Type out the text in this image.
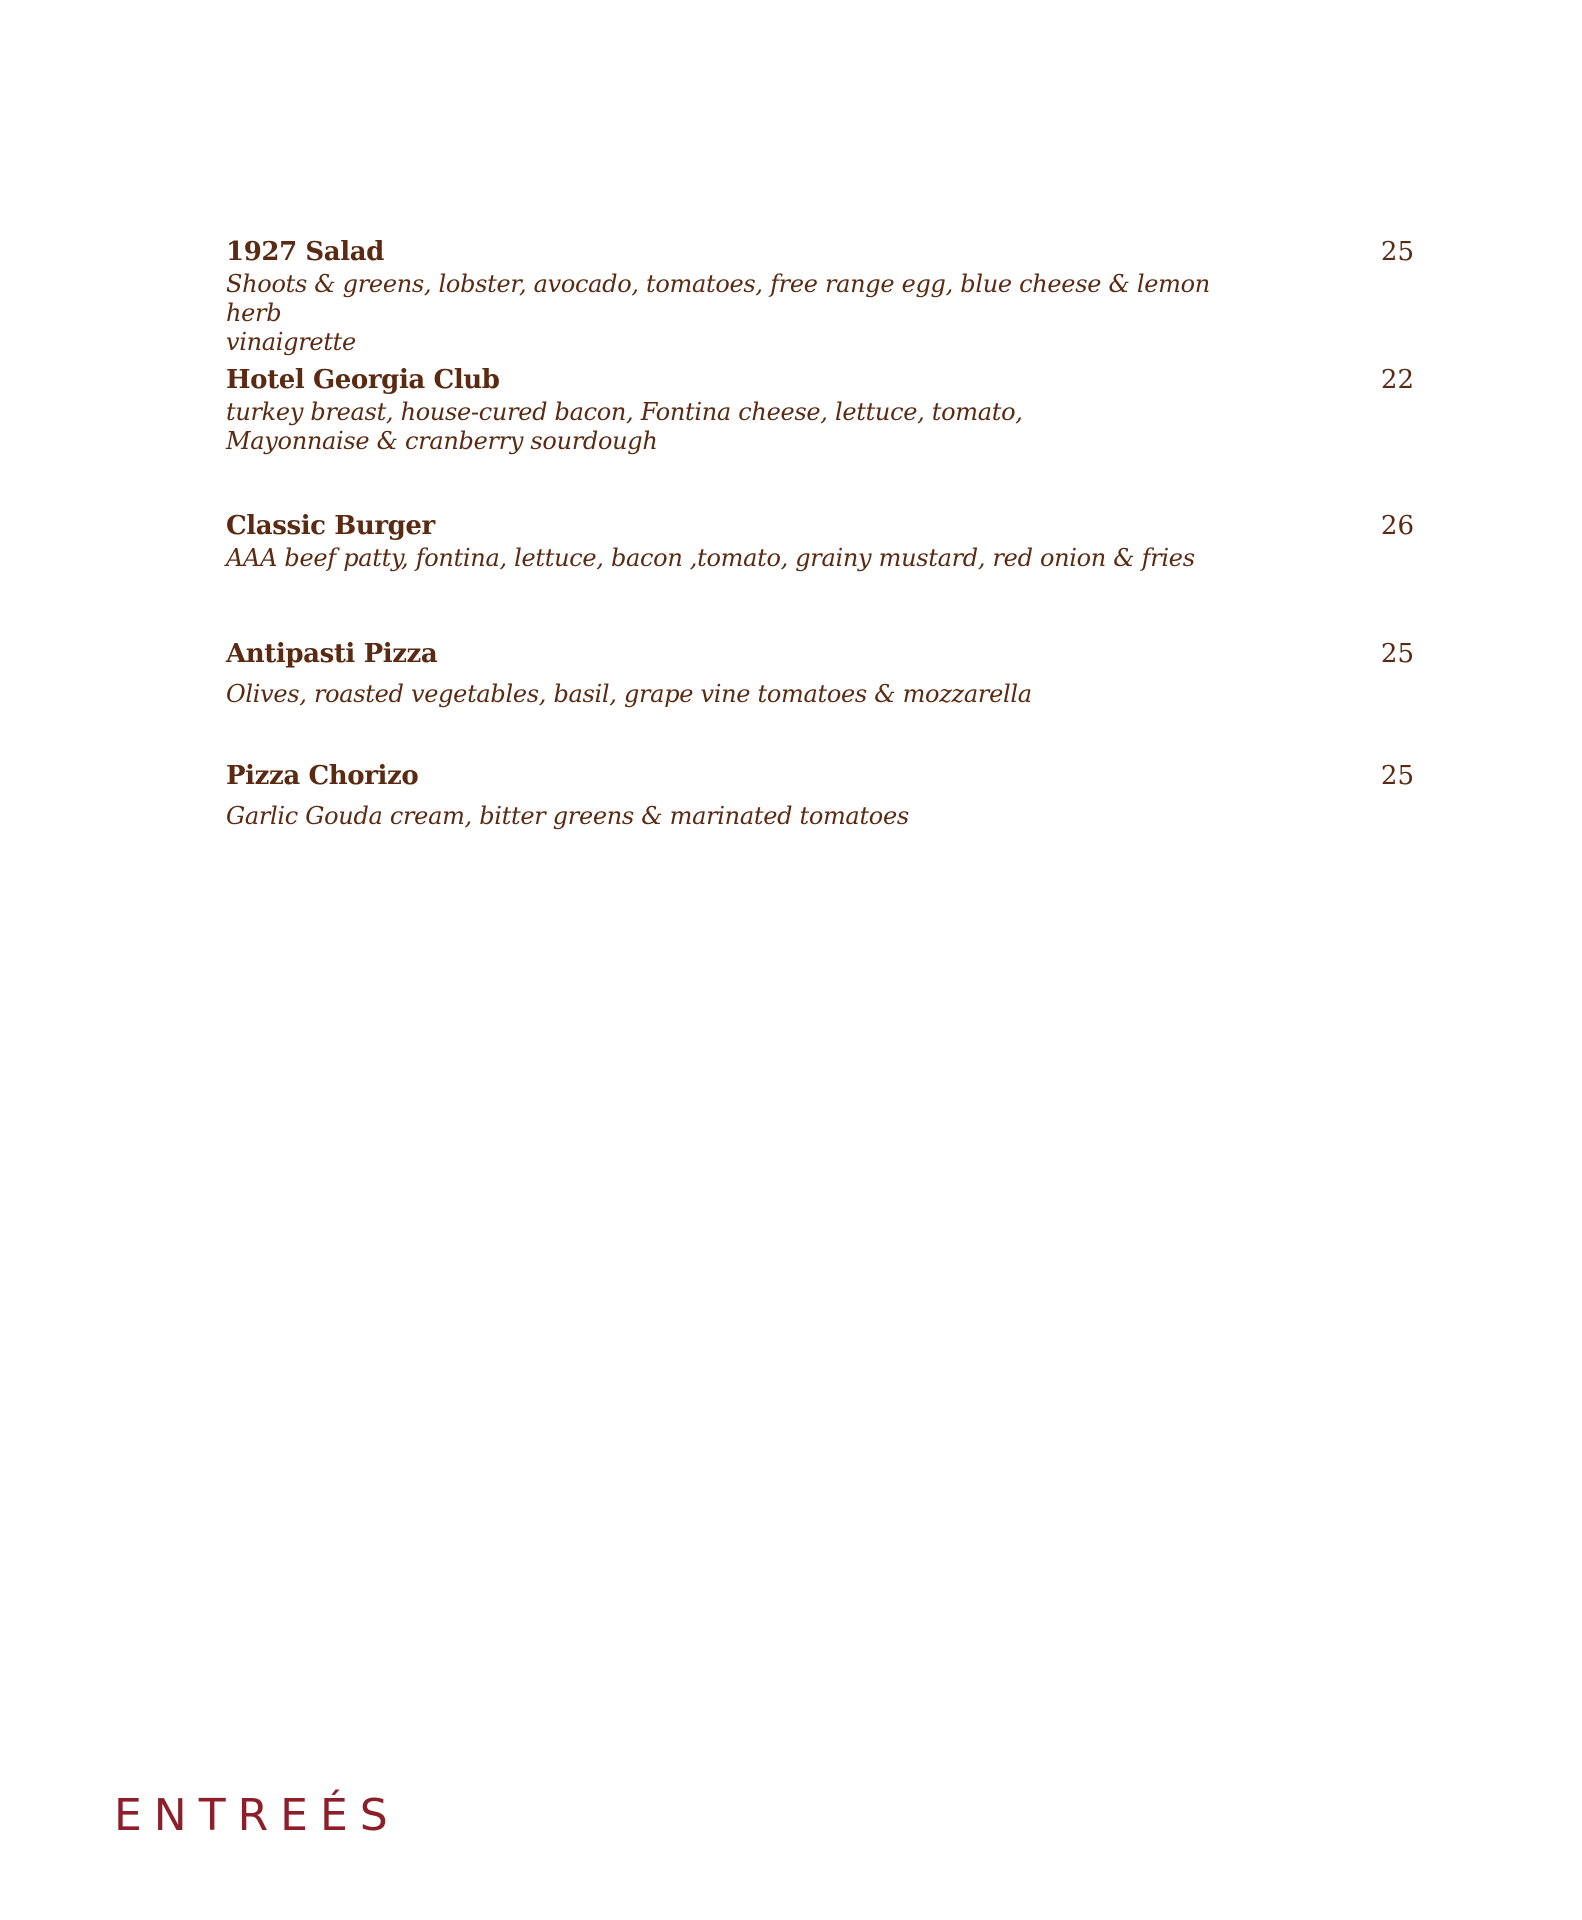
1927 Salad	25
Shoots & greens, lobster, avocado, tomatoes, free range egg, blue cheese & lemon herb
vinaigrette
Hotel Georgia Club	22
turkey breast, house-cured bacon, Fontina cheese, lettuce, tomato,
Mayonnaise & cranberry sourdough
Classic Burger	26
AAA beef patty, fontina, lettuce, bacon ,tomato, grainy mustard, red onion & fries
Antipasti Pizza	25
Olives, roasted vegetables, basil, grape vine tomatoes & mozzarella
Pizza Chorizo	25
Garlic Gouda cream, bitter greens & marinated tomatoes
ENTREÉS
